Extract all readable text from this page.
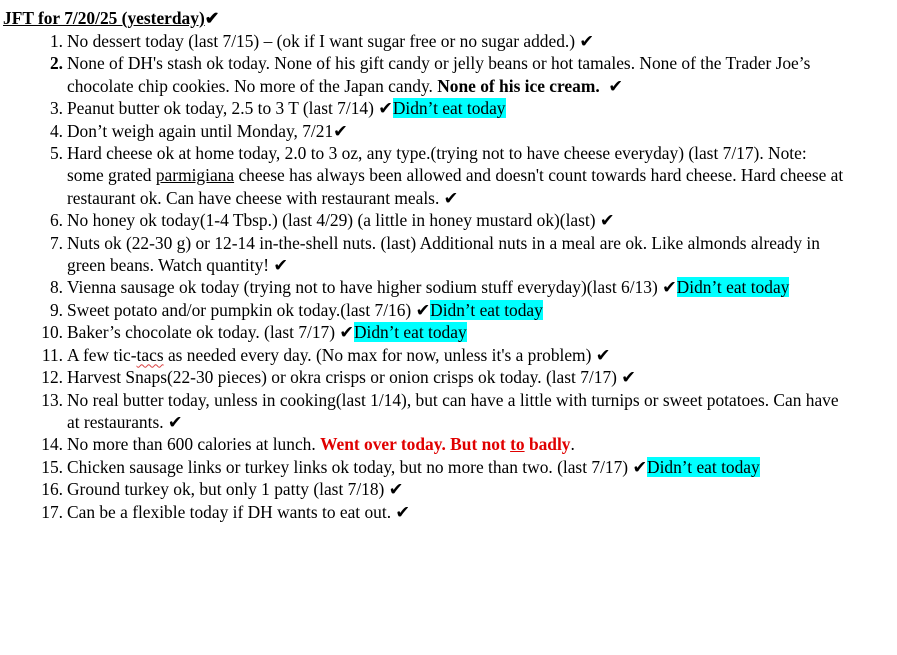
JFT for 7/20/25 (yesterday)✔

1. No dessert today (last 7/15) – (ok if I want sugar free or no sugar added.) ✔
2. None of DH's stash ok today. None of his gift candy or jelly beans or hot tamales. None of the Trader Joe’s chocolate chip cookies. No more of the Japan candy. None of his ice cream. ✔
3. Peanut butter ok today, 2.5 to 3 T (last 7/14) ✔Didn’t eat today
4. Don’t weigh again until Monday, 7/21✔
5. Hard cheese ok at home today, 2.0 to 3 oz, any type.(trying not to have cheese everyday) (last 7/17). Note: some grated parmigiana cheese has always been allowed and doesn't count towards hard cheese. Hard cheese at restaurant ok. Can have cheese with restaurant meals. ✔
6. No honey ok today(1-4 Tbsp.) (last 4/29) (a little in honey mustard ok)(last) ✔
7. Nuts ok (22-30 g) or 12-14 in-the-shell nuts. (last) Additional nuts in a meal are ok. Like almonds already in green beans. Watch quantity! ✔
8. Vienna sausage ok today (trying not to have higher sodium stuff everyday)(last 6/13) ✔Didn’t eat today
9. Sweet potato and/or pumpkin ok today.(last 7/16) ✔Didn’t eat today
10. Baker’s chocolate ok today. (last 7/17) ✔Didn’t eat today
11. A few tic-tacs as needed every day. (No max for now, unless it's a problem) ✔
12. Harvest Snaps(22-30 pieces) or okra crisps or onion crisps ok today. (last 7/17) ✔
13. No real butter today, unless in cooking(last 1/14), but can have a little with turnips or sweet potatoes. Can have at restaurants. ✔
14. No more than 600 calories at lunch. Went over today. But not to badly.
15. Chicken sausage links or turkey links ok today, but no more than two. (last 7/17) ✔Didn’t eat today
16. Ground turkey ok, but only 1 patty (last 7/18) ✔
17. Can be a flexible today if DH wants to eat out. ✔
